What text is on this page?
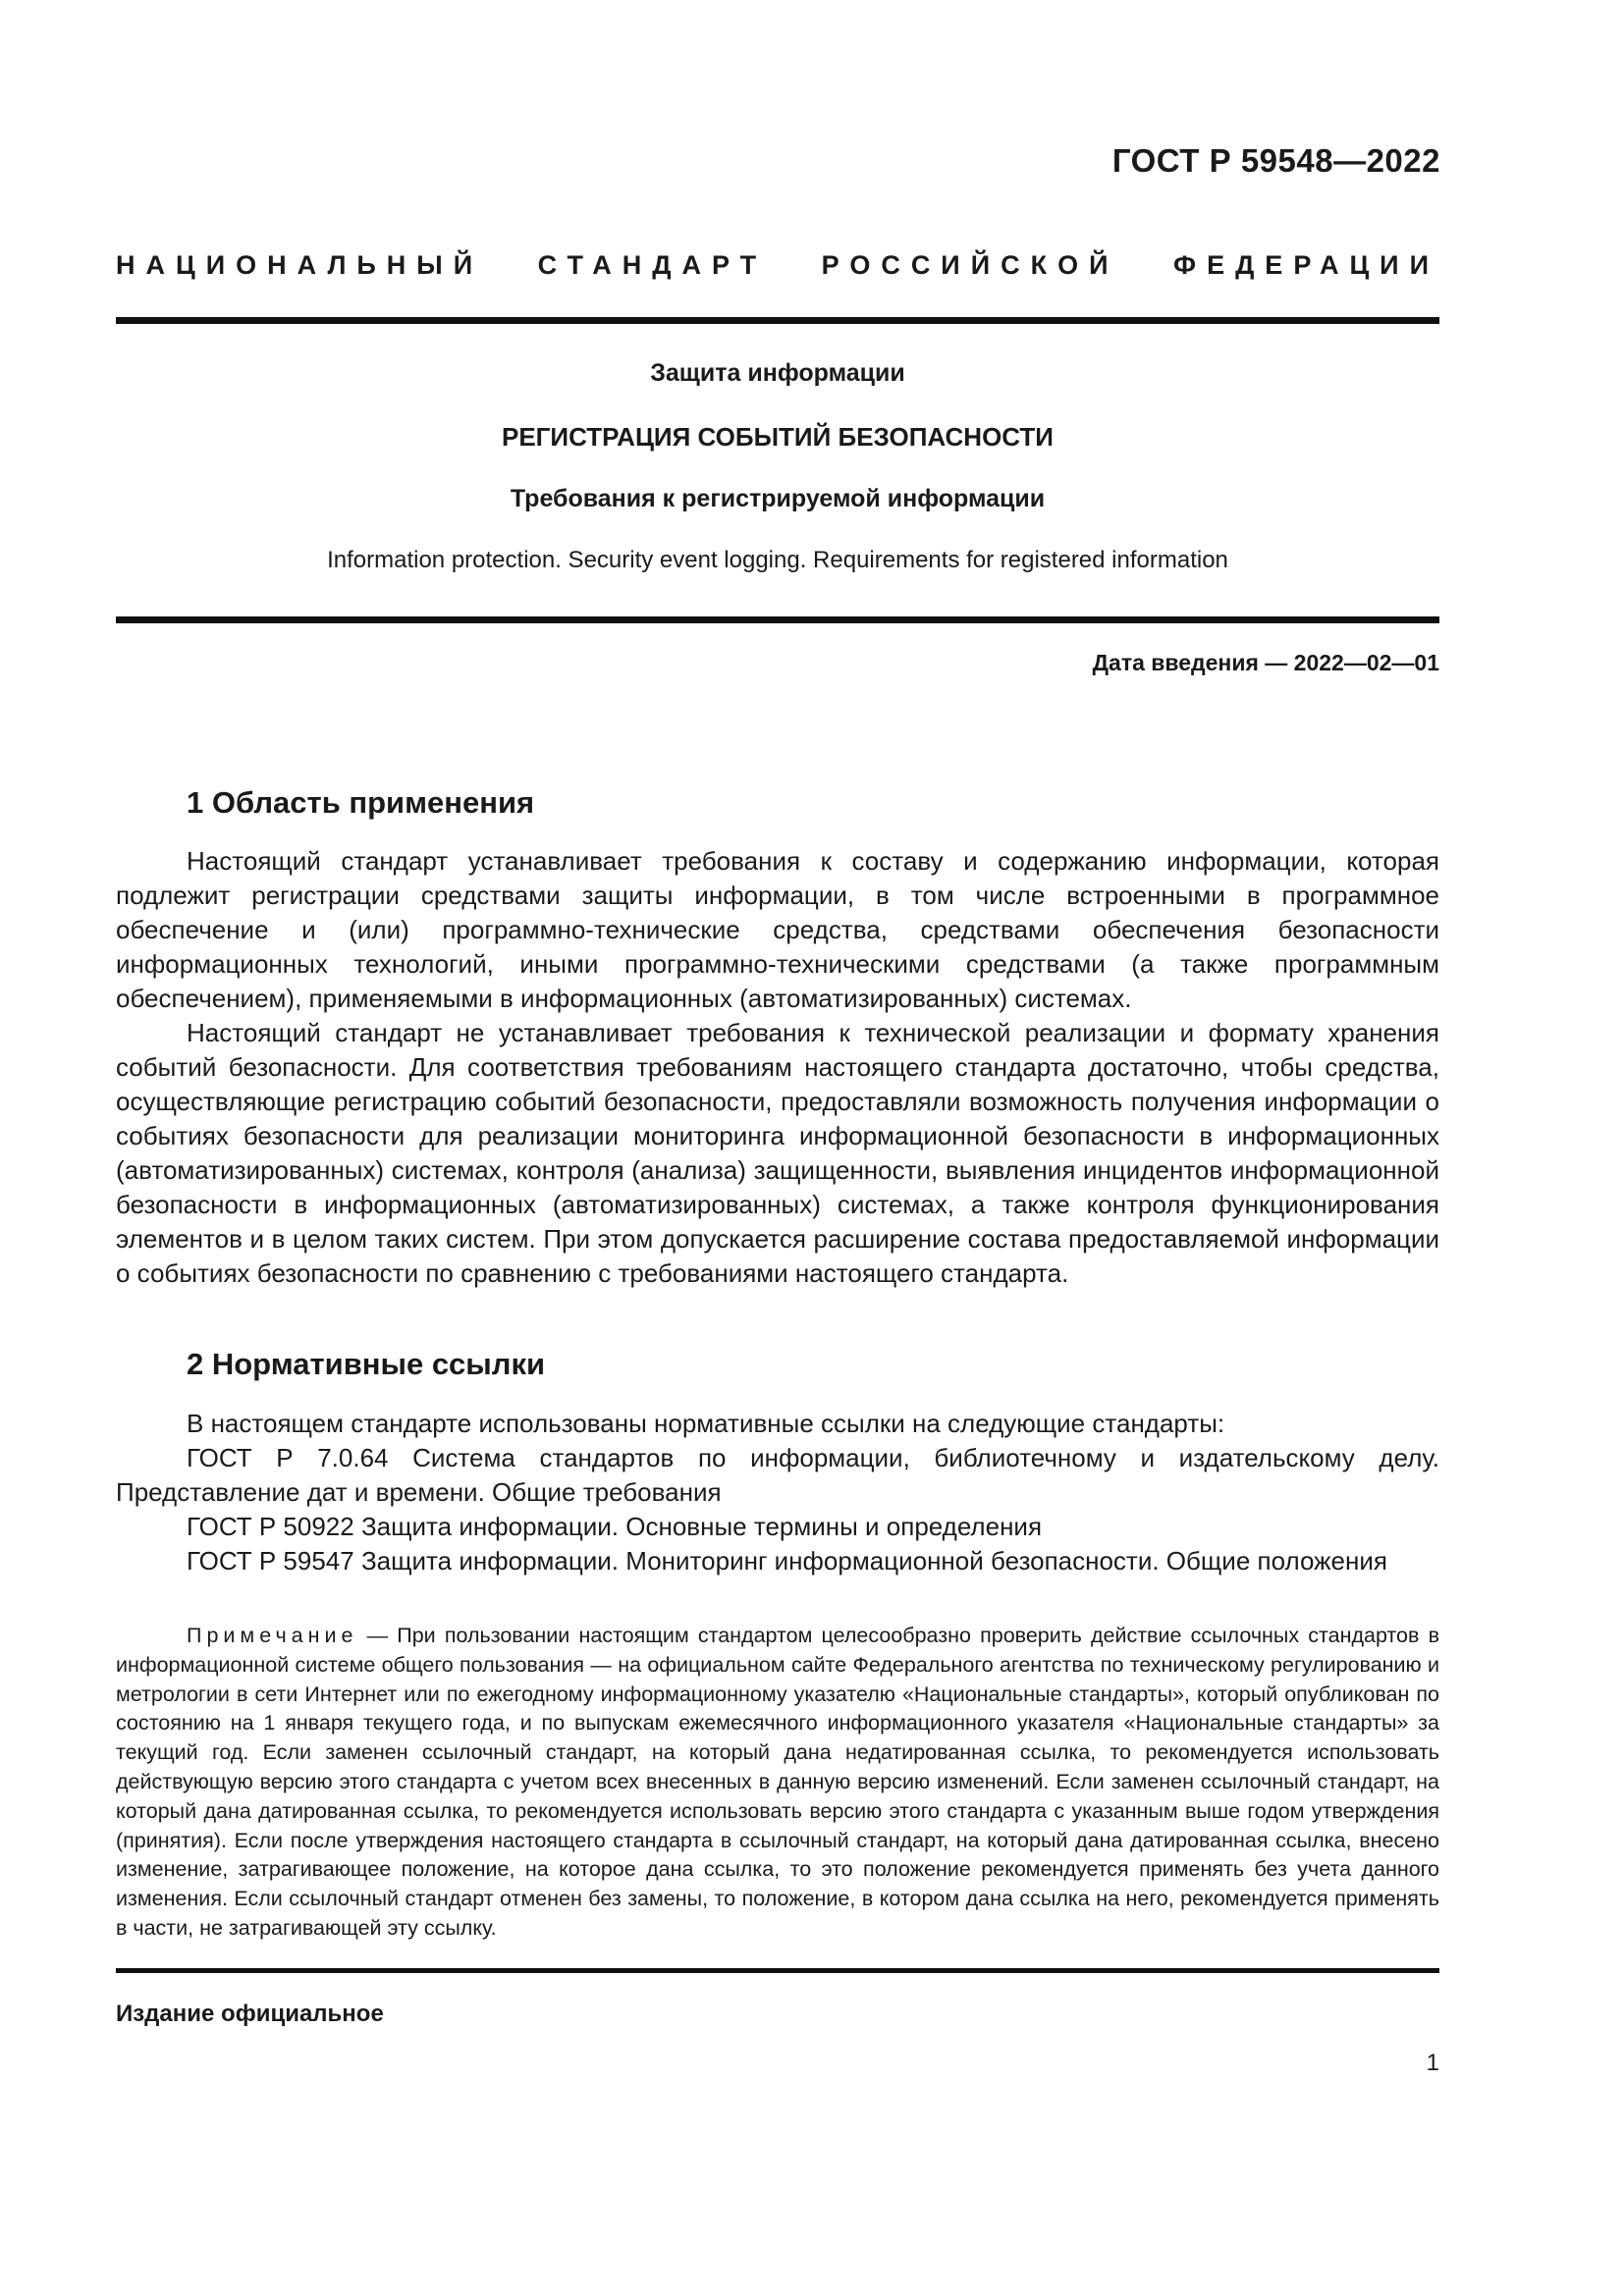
ГОСТ Р 59548—2022
НАЦИОНАЛЬНЫЙ СТАНДАРТ РОССИЙСКОЙ ФЕДЕРАЦИИ
Защита информации
РЕГИСТРАЦИЯ СОБЫТИЙ БЕЗОПАСНОСТИ
Требования к регистрируемой информации
Information protection. Security event logging. Requirements for registered information
Дата введения — 2022—02—01
1 Область применения

Настоящий стандарт устанавливает требования к составу и содержанию информации, которая подлежит регистрации средствами защиты информации, в том числе встроенными в программное обеспечение и (или) программно-технические средства, средствами обеспечения безопасности информационных технологий, иными программно-техническими средствами (а также программным обеспечением), применяемыми в информационных (автоматизированных) системах.

Настоящий стандарт не устанавливает требования к технической реализации и формату хранения событий безопасности. Для соответствия требованиям настоящего стандарта достаточно, чтобы средства, осуществляющие регистрацию событий безопасности, предоставляли возможность получения информации о событиях безопасности для реализации мониторинга информационной безопасности в информационных (автоматизированных) системах, контроля (анализа) защищенности, выявления инцидентов информационной безопасности в информационных (автоматизированных) системах, а также контроля функционирования элементов и в целом таких систем. При этом допускается расширение состава предоставляемой информации о событиях безопасности по сравнению с требованиями настоящего стандарта.

2 Нормативные ссылки

В настоящем стандарте использованы нормативные ссылки на следующие стандарты:

ГОСТ Р 7.0.64 Система стандартов по информации, библиотечному и издательскому делу. Представление дат и времени. Общие требования

ГОСТ Р 50922 Защита информации. Основные термины и определения

ГОСТ Р 59547 Защита информации. Мониторинг информационной безопасности. Общие положения

Примечание — При пользовании настоящим стандартом целесообразно проверить действие ссылочных стандартов в информационной системе общего пользования — на официальном сайте Федерального агентства по техническому регулированию и метрологии в сети Интернет или по ежегодному информационному указателю «Национальные стандарты», который опубликован по состоянию на 1 января текущего года, и по выпускам ежемесячного информационного указателя «Национальные стандарты» за текущий год. Если заменен ссылочный стандарт, на который дана недатированная ссылка, то рекомендуется использовать действующую версию этого стандарта с учетом всех внесенных в данную версию изменений. Если заменен ссылочный стандарт, на который дана датированная ссылка, то рекомендуется использовать версию этого стандарта с указанным выше годом утверждения (принятия). Если после утверждения настоящего стандарта в ссылочный стандарт, на который дана датированная ссылка, внесено изменение, затрагивающее положение, на которое дана ссылка, то это положение рекомендуется применять без учета данного изменения. Если ссылочный стандарт отменен без замены, то положение, в котором дана ссылка на него, рекомендуется применять в части, не затрагивающей эту ссылку.

Издание официальное
1
